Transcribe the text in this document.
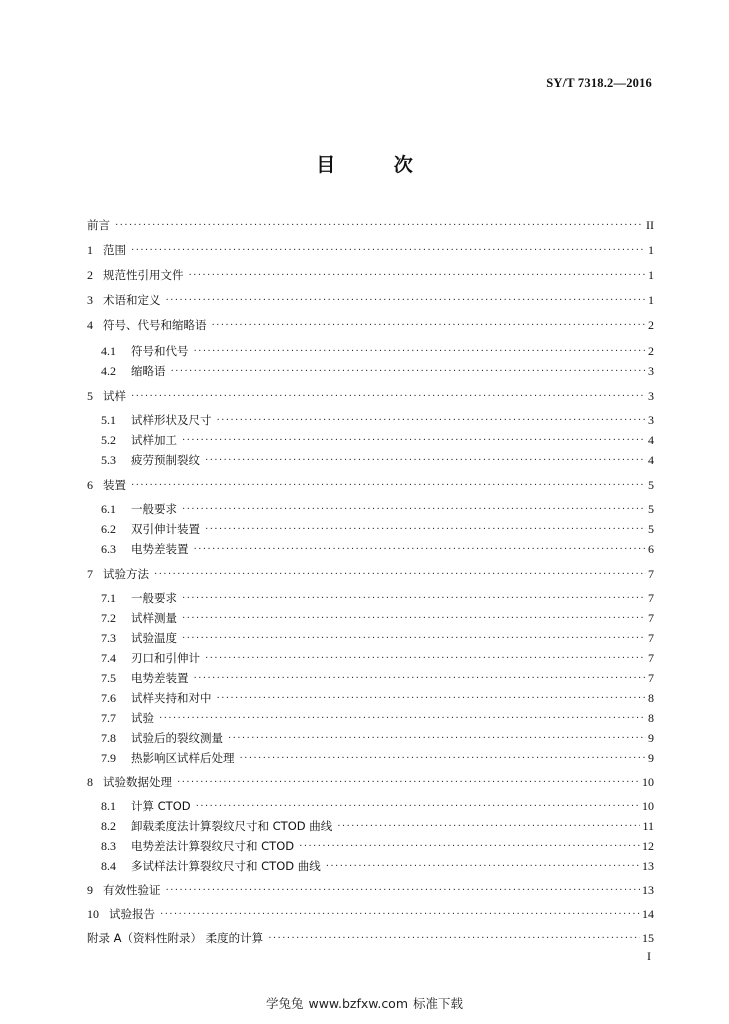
SY/T 7318.2—2016
目 次
前言 ·····	II
1 范围 ·····	1
2 规范性引用文件 ·····	1
3 术语和定义 ·····	1
4 符号、代号和缩略语 ·····	2
4.1	符号和代号 ·····	2
4.2	缩略语 ·····	3
5 试样 ·····	3
5.1	试样形状及尺寸 ·····	3
5.2	试样加工 ·····	4
5.3	疲劳预制裂纹 ·····	4
6 装置 ·····	5
6.1	一般要求 ·····	5
6.2	双引伸计装置 ·····	5
6.3	电势差装置 ·····	6
7 试验方法 ·····	7
7.1	一般要求 ·····	7
7.2	试样测量 ·····	7
7.3	试验温度 ·····	7
7.4	刃口和引伸计 ·····	7
7.5	电势差装置 ·····	7
7.6	试样夹持和对中 ·····	8
7.7	试验 ·····	8
7.8	试验后的裂纹测量 ·····	9
7.9	热影响区试样后处理 ·····	9
8 试验数据处理 ·····	10
8.1	计算 CTOD ·····	10
8.2	卸载柔度法计算裂纹尺寸和 CTOD 曲线 ·····	11
8.3	电势差法计算裂纹尺寸和 CTOD ·····	12
8.4	多试样法计算裂纹尺寸和 CTOD 曲线 ·····	13
9 有效性验证 ·····	13
10 试验报告 ·····	14
附录 A（资料性附录） 柔度的计算 ·····	15
I
学兔兔 www.bzfxw.com 标准下载
